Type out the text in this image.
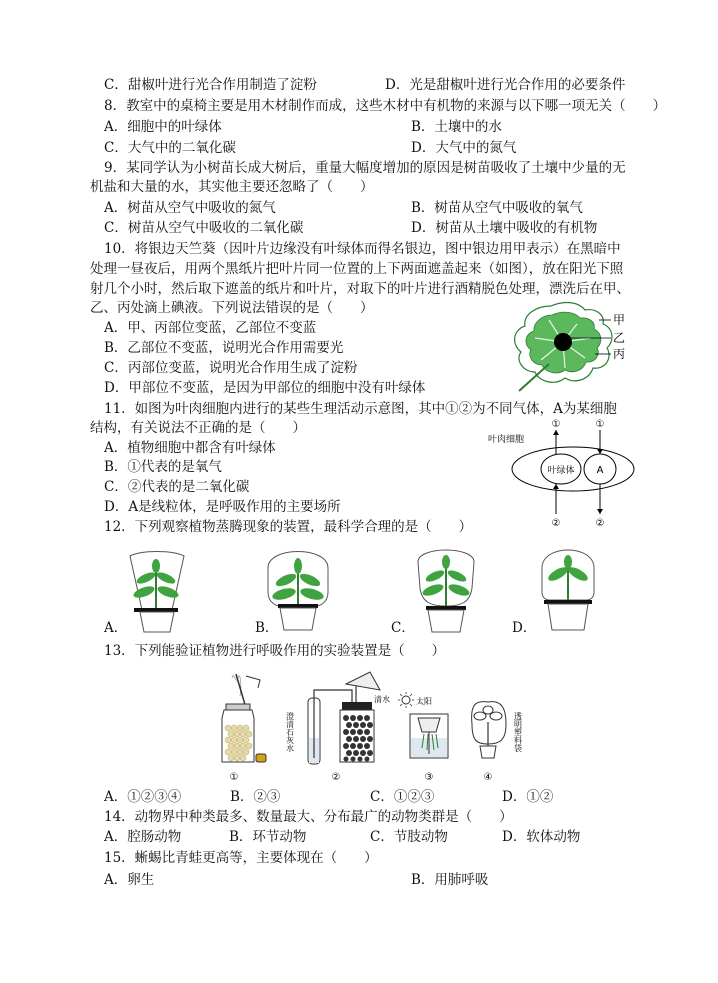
C．甜椒叶进行光合作用制造了淀粉	D．光是甜椒叶进行光合作用的必要条件
8．教室中的桌椅主要是用木材制作而成，这些木材中有机物的来源与以下哪一项无关（　　）
A．细胞中的叶绿体	B．土壤中的水
C．大气中的二氧化碳	D．大气中的氮气
9．某同学认为小树苗长成大树后，重量大幅度增加的原因是树苗吸收了土壤中少量的无
机盐和大量的水，其实他主要还忽略了（　　）
A．树苗从空气中吸收的氮气	B．树苗从空气中吸收的氧气
C．树苗从空气中吸收的二氧化碳	D．树苗从土壤中吸收的有机物
10．将银边天竺葵（因叶片边缘没有叶绿体而得名银边，图中银边用甲表示）在黑暗中
处理一昼夜后，用两个黑纸片把叶片同一位置的上下两面遮盖起来（如图），放在阳光下照
射几个小时，然后取下遮盖的纸片和叶片，对取下的叶片进行酒精脱色处理，漂洗后在甲、
乙、丙处滴上碘液。下列说法错误的是（　　）
A．甲、丙部位变蓝，乙部位不变蓝
B．乙部位不变蓝，说明光合作用需要光
C．丙部位变蓝，说明光合作用生成了淀粉
D．甲部位不变蓝，是因为甲部位的细胞中没有叶绿体
11．如图为叶肉细胞内进行的某些生理活动示意图，其中①②为不同气体，A为某细胞
结构，有关说法不正确的是（　　）
A．植物细胞中都含有叶绿体
B．①代表的是氧气
C．②代表的是二氧化碳
D．A是线粒体，是呼吸作用的主要场所
12．下列观察植物蒸腾现象的装置，最科学合理的是（　　）
A．	B．	C．	D．
13．下列能验证植物进行呼吸作用的实验装置是（　　）
A．①②③④	B．②③	C．①②③	D．①②
14．动物界中种类最多、数量最大、分布最广的动物类群是（　　）
A．腔肠动物	B．环节动物	C．节肢动物	D．软体动物
15．蜥蜴比青蛙更高等，主要体现在（　　）
A．卵生	B．用肺呼吸
甲
乙
丙
叶肉细胞
叶绿体 A
①	①
②	②
①
澄清石灰水
清水
②
太阳
③
透明塑料袋
④
